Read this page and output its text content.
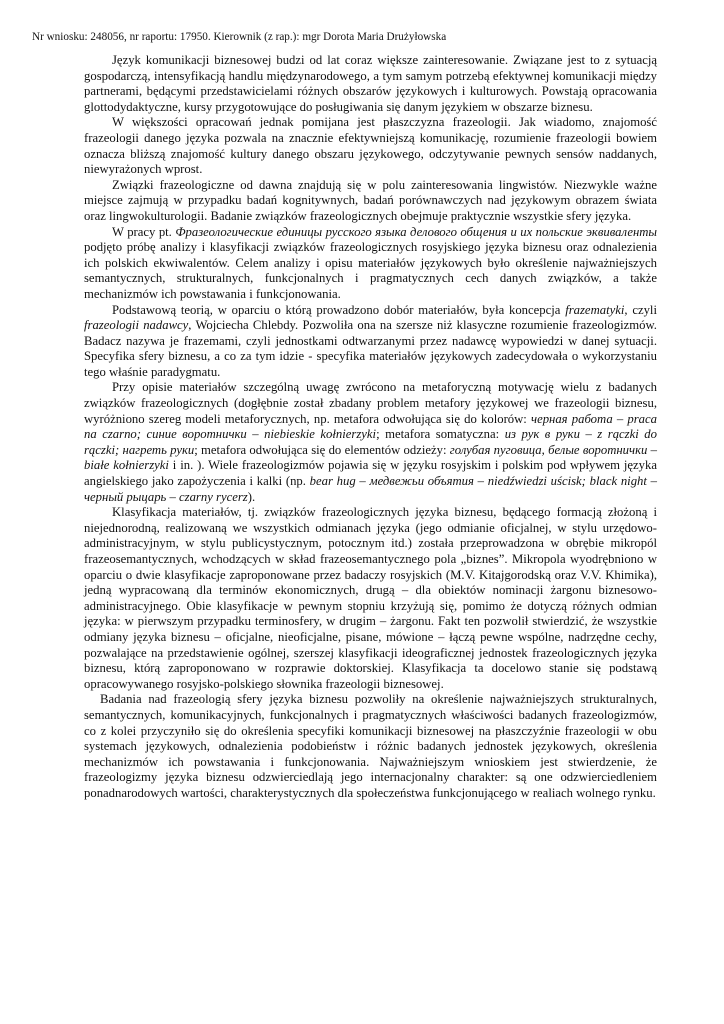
Nr wniosku: 248056, nr raportu: 17950. Kierownik (z rap.): mgr Dorota Maria Drużyłowska

Język komunikacji biznesowej budzi od lat coraz większe zainteresowanie. Związane jest to z sytuacją gospodarczą, intensyfikacją handlu międzynarodowego, a tym samym potrzebą efektywnej komunikacji między partnerami, będącymi przedstawicielami różnych obszarów językowych i kulturowych. Powstają opracowania glottodydaktyczne, kursy przygotowujące do posługiwania się danym językiem w obszarze biznesu.

W większości opracowań jednak pomijana jest płaszczyzna frazeologii. Jak wiadomo, znajomość frazeologii danego języka pozwala na znacznie efektywniejszą komunikację, rozumienie frazeologii bowiem oznacza bliższą znajomość kultury danego obszaru językowego, odczytywanie pewnych sensów naddanych, niewyrażonych wprost.

Związki frazeologiczne od dawna znajdują się w polu zainteresowania lingwistów. Niezwykle ważne miejsce zajmują w przypadku badań kognitywnych, badań porównawczych nad językowym obrazem świata oraz lingwokulturologii. Badanie związków frazeologicznych obejmuje praktycznie wszystkie sfery języka.

W pracy pt. Фразеологические единицы русского языка делового общения и их польские эквиваленты podjęto próbę analizy i klasyfikacji związków frazeologicznych rosyjskiego języka biznesu oraz odnalezienia ich polskich ekwiwalentów. Celem analizy i opisu materiałów językowych było określenie najważniejszych semantycznych, strukturalnych, funkcjonalnych i pragmatycznych cech danych związków, a także mechanizmów ich powstawania i funkcjonowania.

Podstawową teorią, w oparciu o którą prowadzono dobór materiałów, była koncepcja frazematyki, czyli frazeologii nadawcy, Wojciecha Chlebdy. Pozwoliła ona na szersze niż klasyczne rozumienie frazeologizmów. Badacz nazywa je frazemami, czyli jednostkami odtwarzanymi przez nadawcę wypowiedzi w danej sytuacji. Specyfika sfery biznesu, a co za tym idzie - specyfika materiałów językowych zadecydowała o wykorzystaniu tego właśnie paradygmatu.

Przy opisie materiałów szczególną uwagę zwrócono na metaforyczną motywację wielu z badanych związków frazeologicznych (dogłębnie został zbadany problem metafory językowej we frazeologii biznesu, wyróżniono szereg modeli metaforycznych, np. metafora odwołująca się do kolorów: черная работа – praca na czarno; синие воротнички – niebieskie kołnierzyki; metafora somatyczna: из рук в руки – z rączki do rączki; нагреть руки; metafora odwołująca się do elementów odzieży: голубая пуговица, белые воротнички – białe kołnierzyki i in. ). Wiele frazeologizmów pojawia się w języku rosyjskim i polskim pod wpływem języka angielskiego jako zapożyczenia i kalki (np. bear hug – медвежьи объятия – niedźwiedzi uścisk; black night – черный рыцарь – czarny rycerz).

Klasyfikacja materiałów, tj. związków frazeologicznych języka biznesu, będącego formacją złożoną i niejednorodną, realizowaną we wszystkich odmianach języka (jego odmianie oficjalnej, w stylu urzędowo-administracyjnym, w stylu publicystycznym, potocznym itd.) została przeprowadzona w obrębie mikropól frazeosemantycznych, wchodzących w skład frazeosemantycznego pola „biznes”. Mikropola wyodrębniono w oparciu o dwie klasyfikacje zaproponowane przez badaczy rosyjskich (M.V. Kitajgorodską oraz V.V. Khimika), jedną wypracowaną dla terminów ekonomicznych, drugą – dla obiektów nominacji żargonu biznesowo-administracyjnego. Obie klasyfikacje w pewnym stopniu krzyżują się, pomimo że dotyczą różnych odmian języka: w pierwszym przypadku terminosfery, w drugim – żargonu. Fakt ten pozwolił stwierdzić, że wszystkie odmiany języka biznesu – oficjalne, nieoficjalne, pisane, mówione – łączą pewne wspólne, nadrzędne cechy, pozwalające na przedstawienie ogólnej, szerszej klasyfikacji ideograficznej jednostek frazeologicznych języka biznesu, którą zaproponowano w rozprawie doktorskiej. Klasyfikacja ta docelowo stanie się podstawą opracowywanego rosyjsko-polskiego słownika frazeologii biznesowej.

Badania nad frazeologią sfery języka biznesu pozwoliły na określenie najważniejszych strukturalnych, semantycznych, komunikacyjnych, funkcjonalnych i pragmatycznych właściwości badanych frazeologizmów, co z kolei przyczyniło się do określenia specyfiki komunikacji biznesowej na płaszczyźnie frazeologii w obu systemach językowych, odnalezienia podobieństw i różnic badanych jednostek językowych, określenia mechanizmów ich powstawania i funkcjonowania. Najważniejszym wnioskiem jest stwierdzenie, że frazeologizmy języka biznesu odzwierciedlają jego internacjonalny charakter: są one odzwierciedleniem ponadnarodowych wartości, charakterystycznych dla społeczeństwa funkcjonującego w realiach wolnego rynku.
